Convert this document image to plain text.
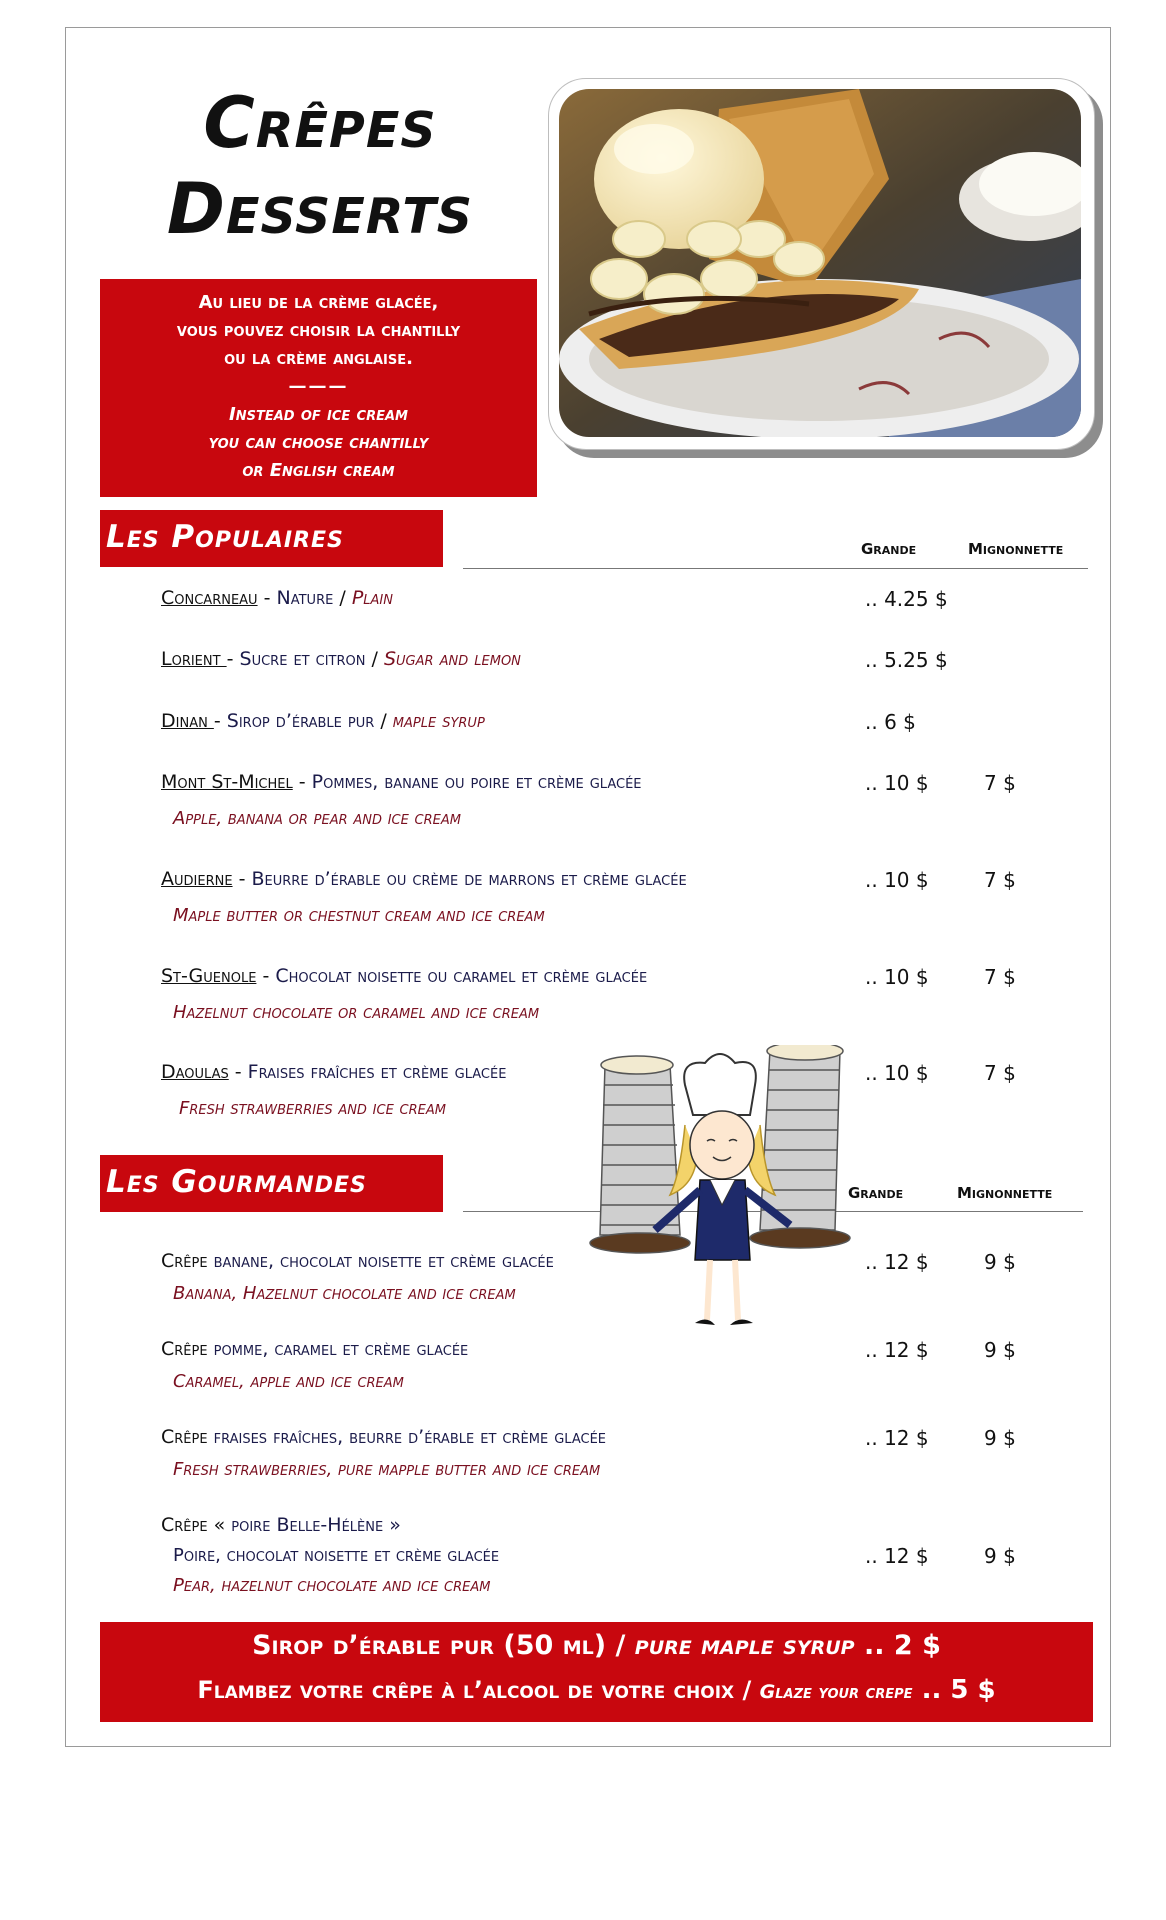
Crêpes
Desserts
Au lieu de la crème glacée,
vous pouvez choisir la chantilly
ou la crème anglaise.
———
Instead of ice cream
you can choose chantilly
or English cream
Les Populaires	Grande	Mignonnette
Concarneau - Nature / Plain	.. 4.25 $
Lorient - Sucre et citron / Sugar and lemon	.. 5.25 $
Dinan - Sirop d’érable pur / maple syrup	.. 6 $
Mont St-Michel - Pommes, banane ou poire et crème glacée
Apple, banana or pear and ice cream
.. 10 $	7 $
Audierne - Beurre d’érable ou crème de marrons et crème glacée
Maple butter or chestnut cream and ice cream
.. 10 $	7 $
St-Guenole - Chocolat noisette ou caramel et crème glacée
Hazelnut chocolate or caramel and ice cream
.. 10 $	7 $
Daoulas - Fraises fraîches et crème glacée
Fresh strawberries and ice cream
.. 10 $	7 $
Les Gourmandes	Grande	Mignonnette
Crêpe banane, chocolat noisette et crème glacée
Banana, Hazelnut chocolate and ice cream
.. 12 $	9 $
Crêpe pomme, caramel et crème glacée
Caramel, apple and ice cream
.. 12 $	9 $
Crêpe fraises fraîches, beurre d’érable et crème glacée
Fresh strawberries, pure mapple butter and ice cream
.. 12 $	9 $
Crêpe « poire Belle-Hélène »
Poire, chocolat noisette et crème glacée
Pear, hazelnut chocolate and ice cream
.. 12 $	9 $
Sirop d’érable pur (50 ml) / pure maple syrup .. 2 $
Flambez votre crêpe à l’alcool de votre choix / Glaze your crepe .. 5 $
